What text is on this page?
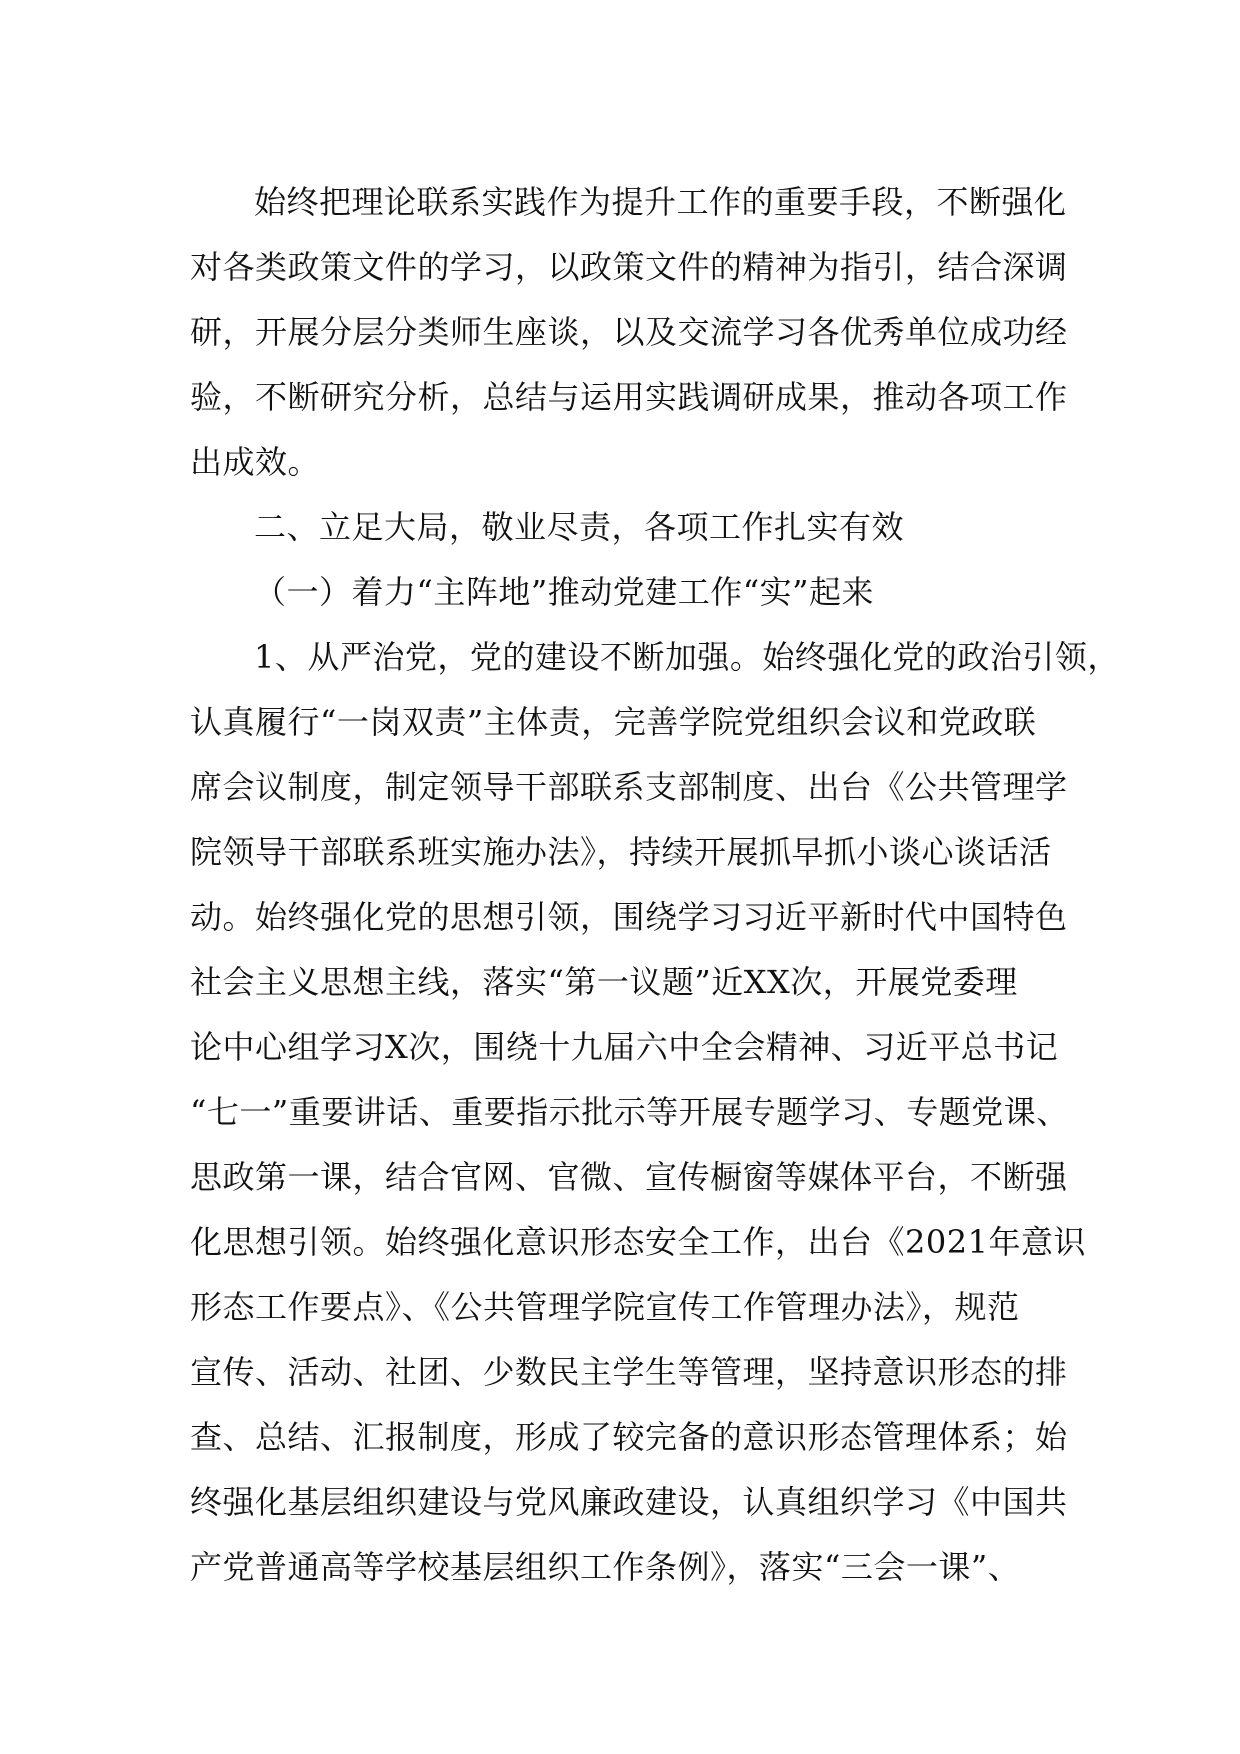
始终把理论联系实践作为提升工作的重要手段，不断强化
对各类政策文件的学习，以政策文件的精神为指引，结合深调
研，开展分层分类师生座谈，以及交流学习各优秀单位成功经
验，不断研究分析，总结与运用实践调研成果，推动各项工作
出成效。
二、立足大局，敬业尽责，各项工作扎实有效
（一）着力“主阵地”推动党建工作“实”起来
1、从严治党，党的建设不断加强。始终强化党的政治引领，
认真履行“一岗双责”主体责，完善学院党组织会议和党政联
席会议制度，制定领导干部联系支部制度、出台《公共管理学
院领导干部联系班实施办法》，持续开展抓早抓小谈心谈话活
动。始终强化党的思想引领，围绕学习习近平新时代中国特色
社会主义思想主线，落实“第一议题”近XX次，开展党委理
论中心组学习X次，围绕十九届六中全会精神、习近平总书记
“七一”重要讲话、重要指示批示等开展专题学习、专题党课、
思政第一课，结合官网、官微、宣传橱窗等媒体平台，不断强
化思想引领。始终强化意识形态安全工作，出台《2021年意识
形态工作要点》、《公共管理学院宣传工作管理办法》，规范
宣传、活动、社团、少数民主学生等管理，坚持意识形态的排
查、总结、汇报制度，形成了较完备的意识形态管理体系；始
终强化基层组织建设与党风廉政建设，认真组织学习《中国共
产党普通高等学校基层组织工作条例》，落实“三会一课”、
